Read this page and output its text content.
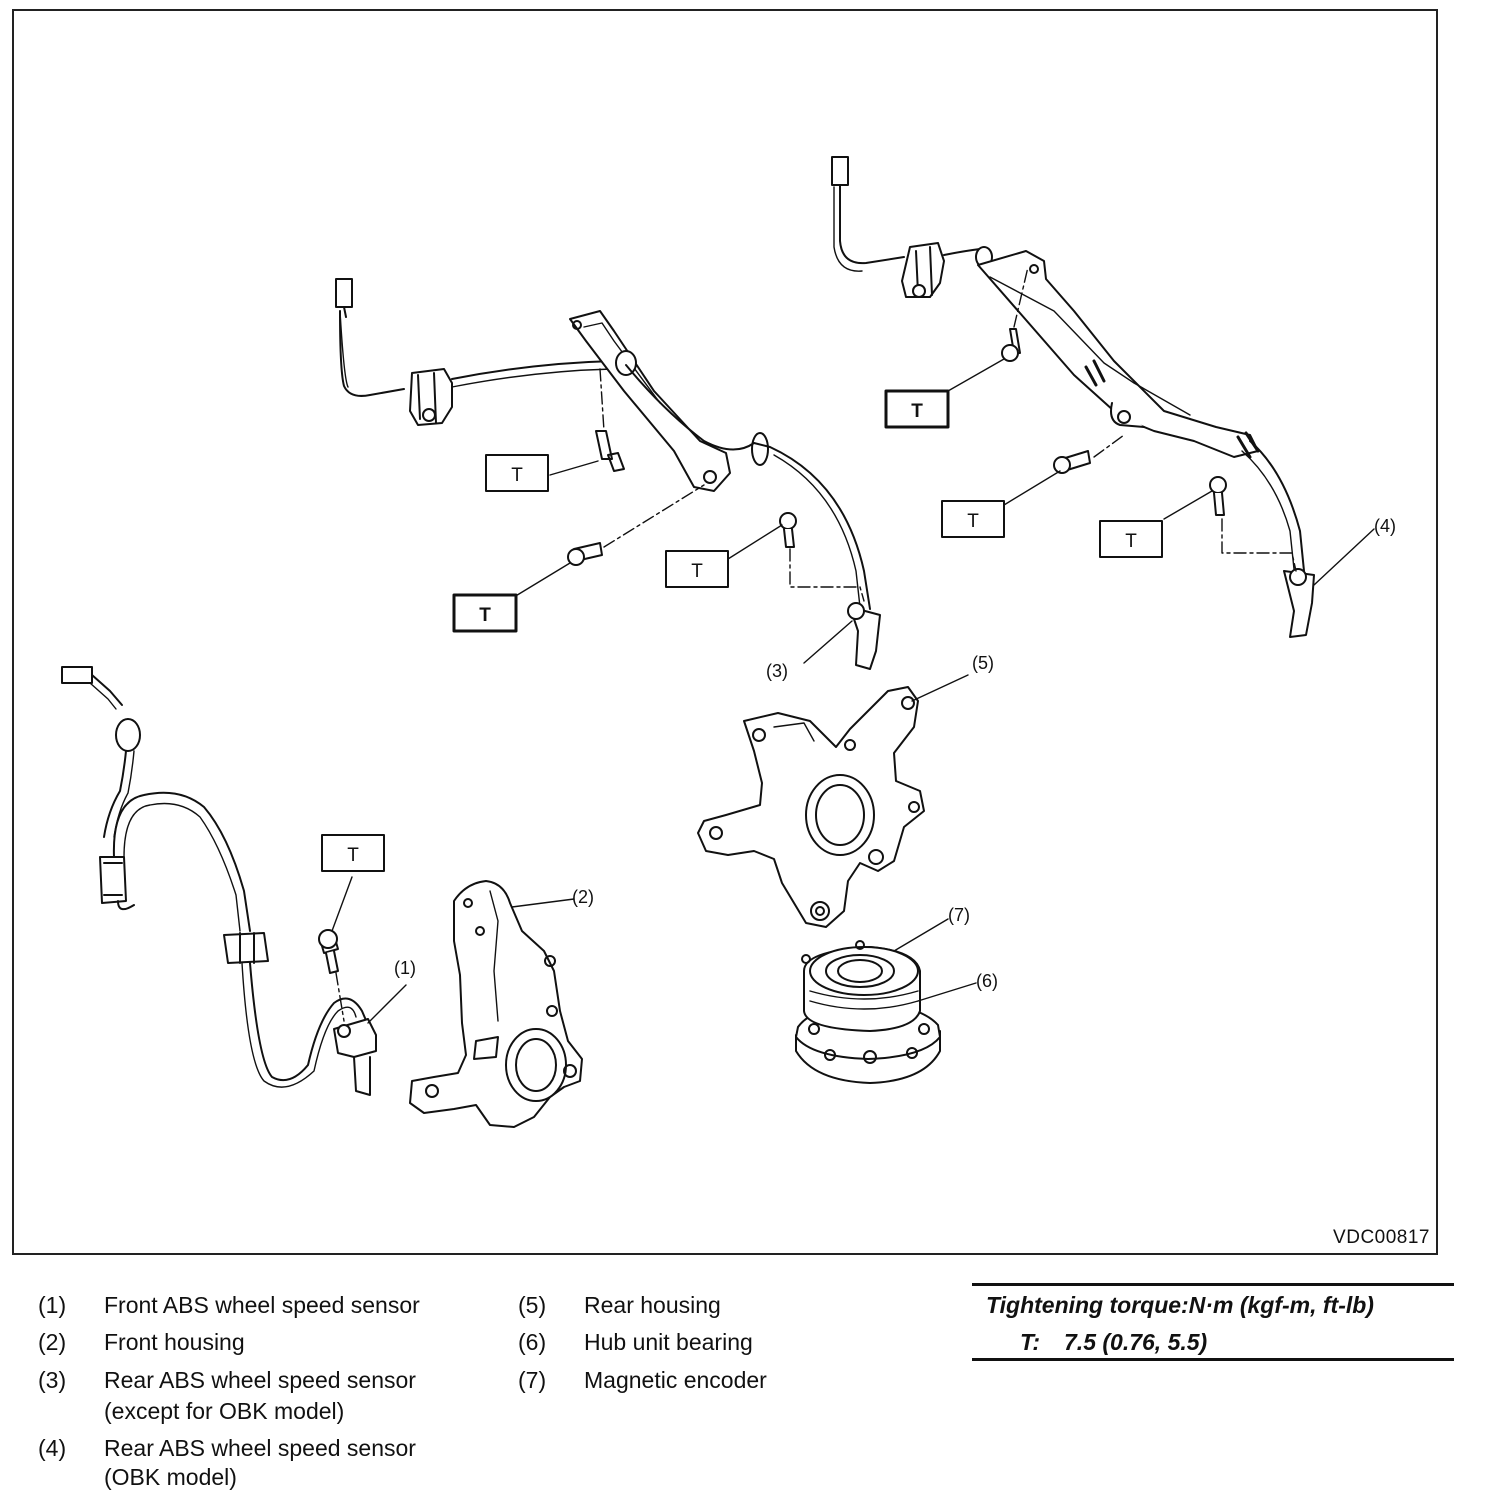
T
T
T
T
T
T
T
(1)
(2)
(3)
(4)
(5)
(6)
(7)
VDC00817
(1) Front ABS wheel speed sensor
(2) Front housing
(3) Rear ABS wheel speed sensor
(except for OBK model)
(4) Rear ABS wheel speed sensor
(OBK model)
(5) Rear housing
(6) Hub unit bearing
(7) Magnetic encoder
Tightening torque:N·m (kgf-m, ft-lb)
T: 7.5 (0.76, 5.5)
